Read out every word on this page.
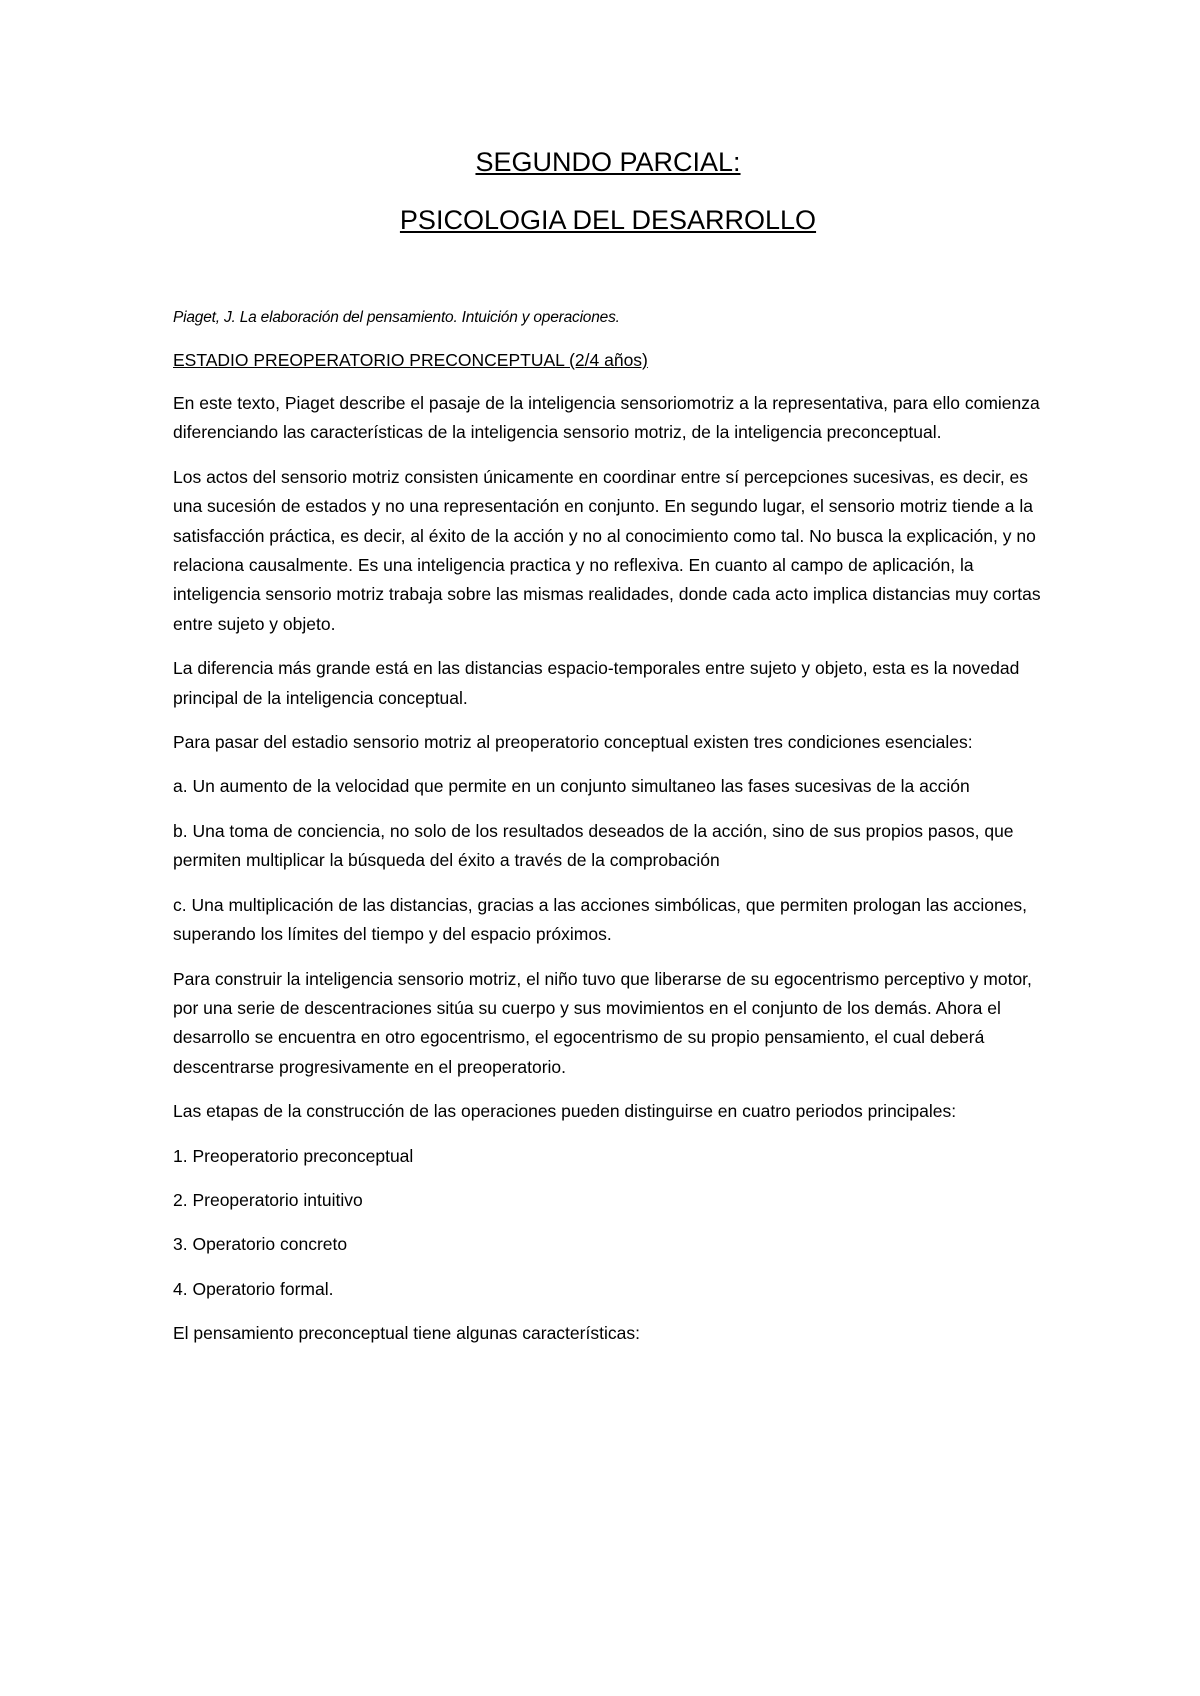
SEGUNDO PARCIAL:
PSICOLOGIA DEL DESARROLLO
Piaget, J. La elaboración del pensamiento. Intuición y operaciones.
ESTADIO PREOPERATORIO PRECONCEPTUAL (2/4 años)

En este texto, Piaget describe el pasaje de la inteligencia sensoriomotriz a la representativa, para ello comienza diferenciando las características de la inteligencia sensorio motriz, de la inteligencia preconceptual.

Los actos del sensorio motriz consisten únicamente en coordinar entre sí percepciones sucesivas, es decir, es una sucesión de estados y no una representación en conjunto. En segundo lugar, el sensorio motriz tiende a la satisfacción práctica, es decir, al éxito de la acción y no al conocimiento como tal. No busca la explicación, y no relaciona causalmente. Es una inteligencia practica y no reflexiva. En cuanto al campo de aplicación, la inteligencia sensorio motriz trabaja sobre las mismas realidades, donde cada acto implica distancias muy cortas entre sujeto y objeto.

La diferencia más grande está en las distancias espacio-temporales entre sujeto y objeto, esta es la novedad principal de la inteligencia conceptual.

Para pasar del estadio sensorio motriz al preoperatorio conceptual existen tres condiciones esenciales:

a. Un aumento de la velocidad que permite en un conjunto simultaneo las fases sucesivas de la acción

b. Una toma de conciencia, no solo de los resultados deseados de la acción, sino de sus propios pasos, que permiten multiplicar la búsqueda del éxito a través de la comprobación

c. Una multiplicación de las distancias, gracias a las acciones simbólicas, que permiten prologan las acciones, superando los límites del tiempo y del espacio próximos.

Para construir la inteligencia sensorio motriz, el niño tuvo que liberarse de su egocentrismo perceptivo y motor, por una serie de descentraciones sitúa su cuerpo y sus movimientos en el conjunto de los demás. Ahora el desarrollo se encuentra en otro egocentrismo, el egocentrismo de su propio pensamiento, el cual deberá descentrarse progresivamente en el preoperatorio.

Las etapas de la construcción de las operaciones pueden distinguirse en cuatro periodos principales:

1. Preoperatorio preconceptual
2. Preoperatorio intuitivo
3. Operatorio concreto
4. Operatorio formal.

El pensamiento preconceptual tiene algunas características:
